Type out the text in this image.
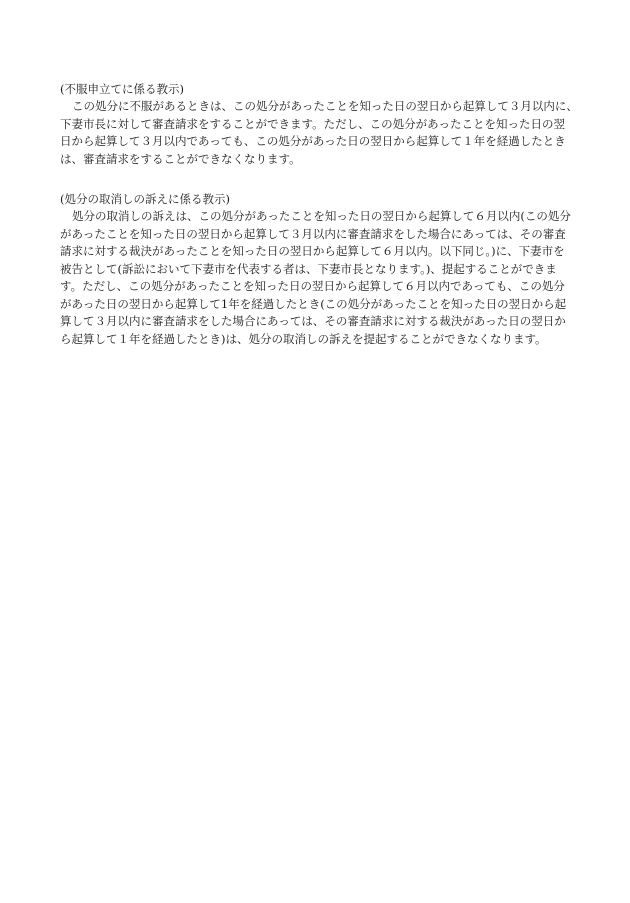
(不服申立てに係る教示)

この処分に不服があるときは、この処分があったことを知った日の翌日から起算して３月以内に、

下妻市長に対して審査請求をすることができます。ただし、この処分があったことを知った日の翌

日から起算して３月以内であっても、この処分があった日の翌日から起算して１年を経過したとき

は、審査請求をすることができなくなります。

(処分の取消しの訴えに係る教示)

処分の取消しの訴えは、この処分があったことを知った日の翌日から起算して６月以内(この処分

があったことを知った日の翌日から起算して３月以内に審査請求をした場合にあっては、その審査

請求に対する裁決があったことを知った日の翌日から起算して６月以内。以下同じ。)に、下妻市を

被告として(訴訟において下妻市を代表する者は、下妻市長となります。)、提起することができま

す。ただし、この処分があったことを知った日の翌日から起算して６月以内であっても、この処分

があった日の翌日から起算して1年を経過したとき(この処分があったことを知った日の翌日から起

算して３月以内に審査請求をした場合にあっては、その審査請求に対する裁決があった日の翌日か

ら起算して１年を経過したとき)は、処分の取消しの訴えを提起することができなくなります。
